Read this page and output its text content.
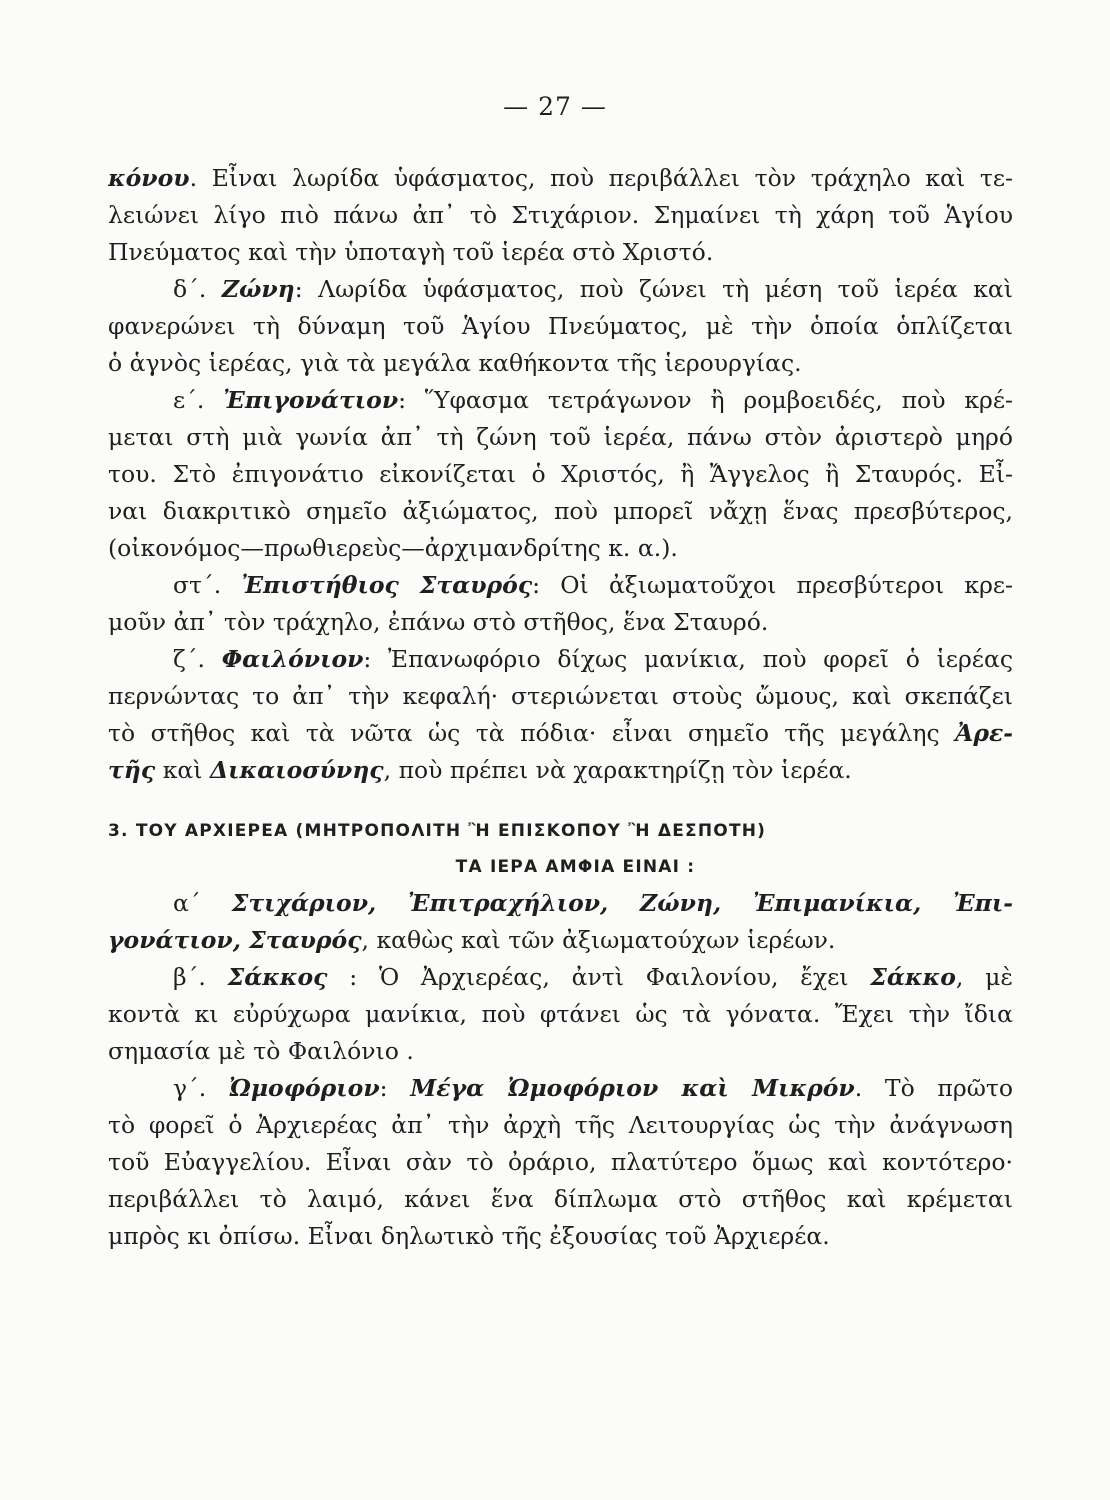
— 27 —
κόνου. Εἶναι λωρίδα ὑφάσματος, ποὺ περιβάλλει τὸν τράχηλο καὶ τε-
λειώνει λίγο πιὸ πάνω ἀπ᾽ τὸ Στιχάριον. Σημαίνει τὴ χάρη τοῦ Ἁγίου
Πνεύματος καὶ τὴν ὑποταγὴ τοῦ ἱερέα στὸ Χριστό.
δ΄. Ζώνη: Λωρίδα ὑφάσματος, ποὺ ζώνει τὴ μέση τοῦ ἱερέα καὶ
φανερώνει τὴ δύναμη τοῦ Ἁγίου Πνεύματος, μὲ τὴν ὁποία ὁπλίζεται
ὁ ἁγνὸς ἱερέας, γιὰ τὰ μεγάλα καθήκοντα τῆς ἱερουργίας.
ε΄. Ἐπιγονάτιον: Ὕφασμα τετράγωνον ἢ ρομβοειδές, ποὺ κρέ-
μεται στὴ μιὰ γωνία ἀπ᾽ τὴ ζώνη τοῦ ἱερέα, πάνω στὸν ἀριστερὸ μηρό
του. Στὸ ἐπιγονάτιο εἰκονίζεται ὁ Χριστός, ἢ Ἄγγελος ἢ Σταυρός. Εἶ-
ναι διακριτικὸ σημεῖο ἀξιώματος, ποὺ μπορεῖ νἄχῃ ἕνας πρεσβύτερος,
(οἰκονόμος—πρωθιερεὺς—ἀρχιμανδρίτης κ. α.).
στ΄. Ἐπιστήθιος Σταυρός: Οἱ ἀξιωματοῦχοι πρεσβύτεροι κρε-
μοῦν ἀπ᾽ τὸν τράχηλο, ἐπάνω στὸ στῆθος, ἕνα Σταυρό.
ζ΄. Φαιλόνιον: Ἐπανωφόριο δίχως μανίκια, ποὺ φορεῖ ὁ ἱερέας
περνώντας το ἀπ᾽ τὴν κεφαλή· στεριώνεται στοὺς ὤμους, καὶ σκεπάζει
τὸ στῆθος καὶ τὰ νῶτα ὡς τὰ πόδια· εἶναι σημεῖο τῆς μεγάλης Ἀρε-
τῆς καὶ Δικαιοσύνης, ποὺ πρέπει νὰ χαρακτηρίζῃ τὸν ἱερέα.
3. ΤΟΥ ΑΡΧΙΕΡΕΑ (ΜΗΤΡΟΠΟΛΙΤΗ Ἢ ΕΠΙΣΚΟΠΟΥ Ἢ ΔΕΣΠΟΤΗ)
ΤΑ ΙΕΡΑ ΑΜΦΙΑ ΕΙΝΑΙ :
α΄ Στιχάριον, Ἐπιτραχήλιον, Ζώνη, Ἐπιμανίκια, Ἐπι-
γονάτιον, Σταυρός, καθὼς καὶ τῶν ἀξιωματούχων ἱερέων.
β΄. Σάκκος : Ὁ Ἀρχιερέας, ἀντὶ Φαιλονίου, ἔχει Σάκκο, μὲ
κοντὰ κι εὐρύχωρα μανίκια, ποὺ φτάνει ὡς τὰ γόνατα. Ἔχει τὴν ἴδια
σημασία μὲ τὸ Φαιλόνιο .
γ΄. Ὠμοφόριον: Μέγα Ὠμοφόριον καὶ Μικρόν. Τὸ πρῶτο
τὸ φορεῖ ὁ Ἀρχιερέας ἀπ᾽ τὴν ἀρχὴ τῆς Λειτουργίας ὡς τὴν ἀνάγνωση
τοῦ Εὐαγγελίου. Εἶναι σὰν τὸ ὀράριο, πλατύτερο ὅμως καὶ κοντότερο·
περιβάλλει τὸ λαιμό, κάνει ἕνα δίπλωμα στὸ στῆθος καὶ κρέμεται
μπρὸς κι ὀπίσω. Εἶναι δηλωτικὸ τῆς ἐξουσίας τοῦ Ἀρχιερέα.
